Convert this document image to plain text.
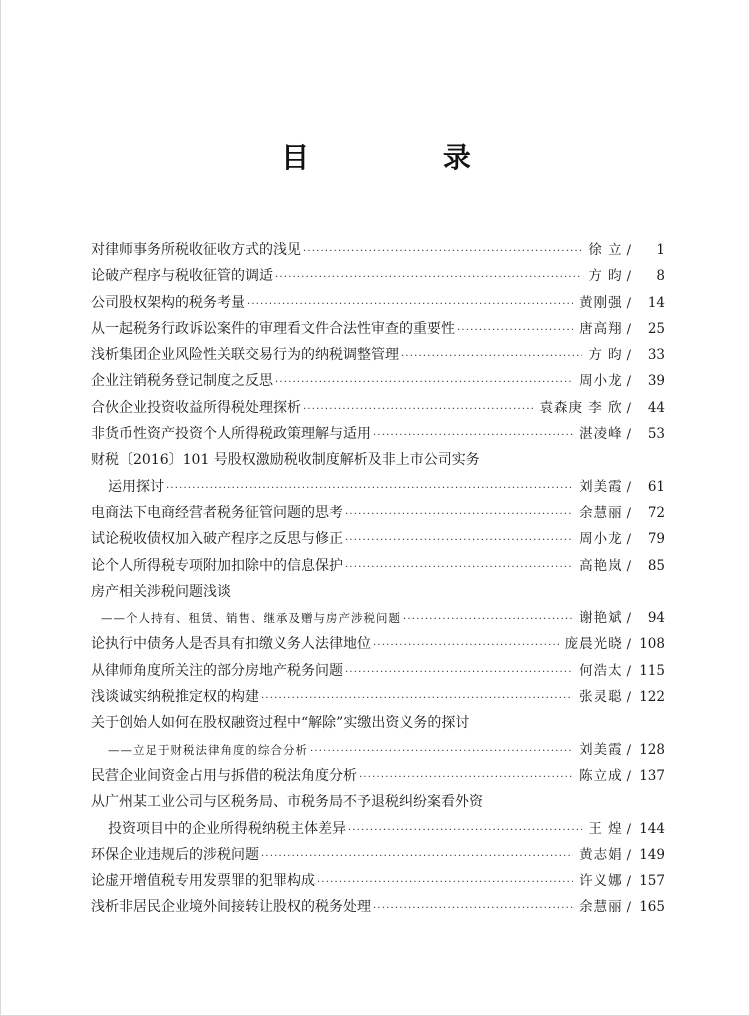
目 录
对律师事务所税收征收方式的浅见 ·····	徐 立 /	1
论破产程序与税收征管的调适 ·····	方 昀 /	8
公司股权架构的税务考量 ·····	黄刚强 /	14
从一起税务行政诉讼案件的审理看文件合法性审查的重要性 ·····	唐高翔 /	25
浅析集团企业风险性关联交易行为的纳税调整管理 ·····	方 昀 /	33
企业注销税务登记制度之反思 ·····	周小龙 /	39
合伙企业投资收益所得税处理探析 ·····	袁森庚 李 欣 /	44
非货币性资产投资个人所得税政策理解与适用 ·····	湛凌峰 /	53
财税〔2016〕101 号股权激励税收制度解析及非上市公司实务
运用探讨 ·····	刘美霞 /	61
电商法下电商经营者税务征管问题的思考 ·····	余慧丽 /	72
试论税收债权加入破产程序之反思与修正 ·····	周小龙 /	79
论个人所得税专项附加扣除中的信息保护 ·····	高艳岚 /	85
房产相关涉税问题浅谈
——个人持有、租赁、销售、继承及赠与房产涉税问题 ·····	谢艳斌 /	94
论执行中债务人是否具有扣缴义务人法律地位 ·····	庞晨光晓 / 108
从律师角度所关注的部分房地产税务问题 ·····	何浩太 / 115
浅谈诚实纳税推定权的构建 ·····	张灵聪 / 122
关于创始人如何在股权融资过程中“解除”实缴出资义务的探讨
——立足于财税法律角度的综合分析 ·····	刘美霞 / 128
民营企业间资金占用与拆借的税法角度分析 ·····	陈立成 / 137
从广州某工业公司与区税务局、市税务局不予退税纠纷案看外资
投资项目中的企业所得税纳税主体差异 ·····	王 煌 / 144
环保企业违规后的涉税问题 ·····	黄志娟 / 149
论虚开增值税专用发票罪的犯罪构成 ·····	许义娜 / 157
浅析非居民企业境外间接转让股权的税务处理 ·····	余慧丽 / 165
